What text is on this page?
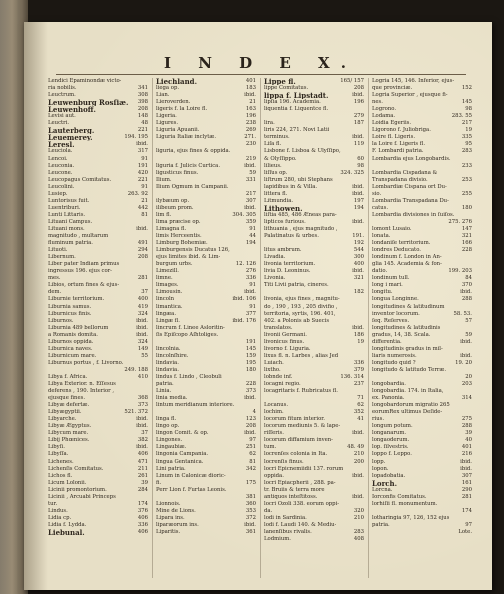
I N D E X.
Lendici Epaminondæ victo-
ria nobilis.	341
Leuctrum.	308
Leuwenburg Rosſiæ.	398
Leuwenhoff.	208
Levisi aut.	148
Leuctri.	48
Lauterberg.	221
Leuemerey.	194. 195
Leresl.	ibid.
Leuciola.	317
Lencoi.	91
Leuconia.	191
Leucone.	420
Leucopagus Comitatus.	221
Leucolini.	91
Lusiep.	263. 92
Luntorisus fuit.	21
Luentriburi.	442
Lunti Littaris.	81
Lituani Campus.
Lituani mons.	ibid.
magnitudo , multarum
fluminum patria.	491
Lituoti.	294
Libernum.	208
Liber pater Indiam primus
ingressus 196. ejus cor-
mes.	281
Libios, ortum fines & ejus-
dem.	37
Liburnie territorium.	400
Liburnia samus.	419
Liburnicus finis.	324
Liburnos.	ibid.
Liburnia 489 bellorum	ibid.
a Romanis domita.	ibid.
Liburnos oppida.	324
Liburnica naves.	149
Liburnicum mare.	55
Liburnus portus , f. Livorno.
249. 188
Libya f. Africa.	410
Libya Exterior. n. Eſſesus
deferens , 190. Interior ,
ejusque fines.	368
Libyæ defertæ.	373
Libyægyptii.	521. 372
Libyarche.	ibid.
Libyæ Ægyptus.	ibid.
Libycum mare.	37
Libij Phœnices.	382
Libyſi.	ibid.
Libyſſa.	406
Lichenes.	471
Lichenſis Comitatus.	211
Lichos fl.	261
Licum Lolonii.	39
Licinii promontorium.	284
Licinii , Arcuabi Princeps
tur.	174
Lindus.	376
Lidia cp.	406
Lidia f. Lydda.	336
Liebunal.	406
Liechland.	401
liega op.	183
Lian.	ibid.
Lieroverden.	21
ligeris f. la Loire fl.	163
Ligeria.	196
Ligures.	238
Liguria Apuanii.	269
Liguria Italiæ inclytæ.	271.
230
liguria, ejus fines & oppida.
219
liguria f. Julicis Curtica.	ibid.
ligusticus finus.	59
Ilium.	331
Ilium Ogmum in Campanii.
217
ilybæum op.	307
ilibeum prom.	ibid.
lim fl.	304. 305
lima præcise op.	359
Limagna fl.	91
limis Herceentis.	44
Limburg Bohemiæ.	194
Limburgensis Ducatus 126,
ejus limites ibid. & Lim-
burgum urbs.	12. 126
Limezill.	276
limne.	336
limages.	91
Limousin.	ibid.
lincoln	ibid. 106
limantica.	91
lingæa.	377
Lingæ fl.	ibid. 176
lincrum f. Linee Asloritin-
ſis Epiſcopo Aſhtoliges.
191
lincolnia.	145
lincolnſhire.	159
lindavia.	195
lindavia.	180
lindus f. Lindo , Cleobuli
patria.	228
Linia.	373
linia media.	ibid.
lintum meridianum interiore.
4
linga fl.	123
lingo op.	208
lingon Comit. & op.	ibid.
Lingones.	97
Lingaubiæ.	251
lingonia Campania.	62
lingua Gentanica.	81
Lini patria.	342
Linum in Calonicæ dioric-
fi.	175
Perr Lion f. Furtas Leonis.
381
Lionnois.	360
Mine de Lions.	353
Lipara ins.	372
liparæorum ins.	ibid.
Liparitis.	361
Lippe fl.	165/ 157
lippe Comitatus.	208
lippa f. Lipstadt.	ibid.
lipſia 196. Academia.	196
liquentia f. Liquentce fl.
279
lira.	187
liris 224, 271. Novi Latii
terminus.	ibid.
Liſa fl.	119
Lisbone f. Lisboa & Ulyſſipo,
& Olyſſippo.	60
lilieus.	98
liſſus op.	324. 325
liſtrum 280, ubi Stephans
lapidibus in & Villa.	ibid.
littera fl.	ibid.
Litmundia.	197
Lithowen.	194
liſtia 485, 486 Æneas para-
lipticos furious.	ibid.
lithuania , ejus magnitudo ,
Palatinatus & urbes.	191.
192
litus ambrum.	544
Livadia.	300
livonia territorium.	400
livia D. Leoninus.	ibid.
Livonia.	321
Titi Livii patria, cineres.
182
livonia, ejus fines , magnitu-
do , 190 , 193 , 205 divifio ,
territoria, syrtis, 196. 401,
402. a Polonis ab Suecis
translatos.	ibid.
livonii Germani.	186
livonicus finus.	19
livorno f. Liguria.
lixus fl. n. Larbes , alias Jed
Luiach.	336
lixtho.	379
lobnde inf.	136. 314
locagni regio.	237
locagritaris f. Rubricatus fl.
71
Locanus.	62
lochim.	352
locorum fitum interior.	41
locorum mediunis 5. & lape-
riſſeris.	ibid.
locorum diffamium inven-
tum.	48. 49
locrenſes colonia in Ita.	210
locrenſis finus.	200
locri Epicnemiidii 137. rorum
oppida.	ibid.
locri Epiacpherii , 288. pa-
tr. Bruiis & terra more
antiquos inteſtitoss.	ibid.
locri Ozoli 338. eorum oppi-
da.	320
lodi in Sardinia.	210
lodi f. Laudi 140. & Mediu-
lanenſibus rivalis.	283
Lodmium.	408
Logria 145, 146. Inferior, ejus-
que provinciæ.	152
Logria Superior , ejusque fi-
nes.	145
Logrono.	98
Lodama.	283. 55
Loidia Egeriis.	217
Ligorono f. Juliobriga.	19
Loire fl. Ligeris.	335
la Loire f. Ligeris fl.	95
F. Lombardi patria.	283
Lombardia ejus Longobardis.
233
Lombardia Cispadana &
Transpadana divisio.	253
Lombardiæ Cispana ort Du-
sio.	255
Lombardia Transpadana Du-
catus.	180
Lombardia divisiones in ſuiſos.
275. 276
lomont Lusaio.	147
lonata.	321
londaniſe territorium.	166
londres Deducato.	228
londinum f. London in An-
glia 145. Academia & fon-
datio.	199. 203
londinum tull.	84
long i mari.	370
longitu.	ibid.
longua Longinne.	288
longitudines & latitudinum
inventor locorum.	58. 53.
ſeq. Reſerves.	57
longitudines & latitudinis
gradus, 14, 38. Scala.	59
differentia.	ibid.
longitudinis gradus in mil-
liaris numerosis.	ibid.
longitudo quid ?	19. 20
longitudo & latitudo Terræ.
20
longobardia.	203
longobardia. 174. in Italia,
ex. Panonia.	314
longobardorum migratio 265
eorumRex ultimus Deſide-
rius.	275
longum potum.	288
longanarum.	39
longaoderum.	40
lop. ſilvestris.	401
loppo f. Leppo.	216
lopp.	ibid.
lopon.	ibid.
lopadobatia.	307
Lorch.	161
Lorcna.	290
Iorconfis Comitatus.	281
lorhiſii fl. monumentum.
174
lotharingia 97, 126, 152 ejus
patria.	97
Lote.
